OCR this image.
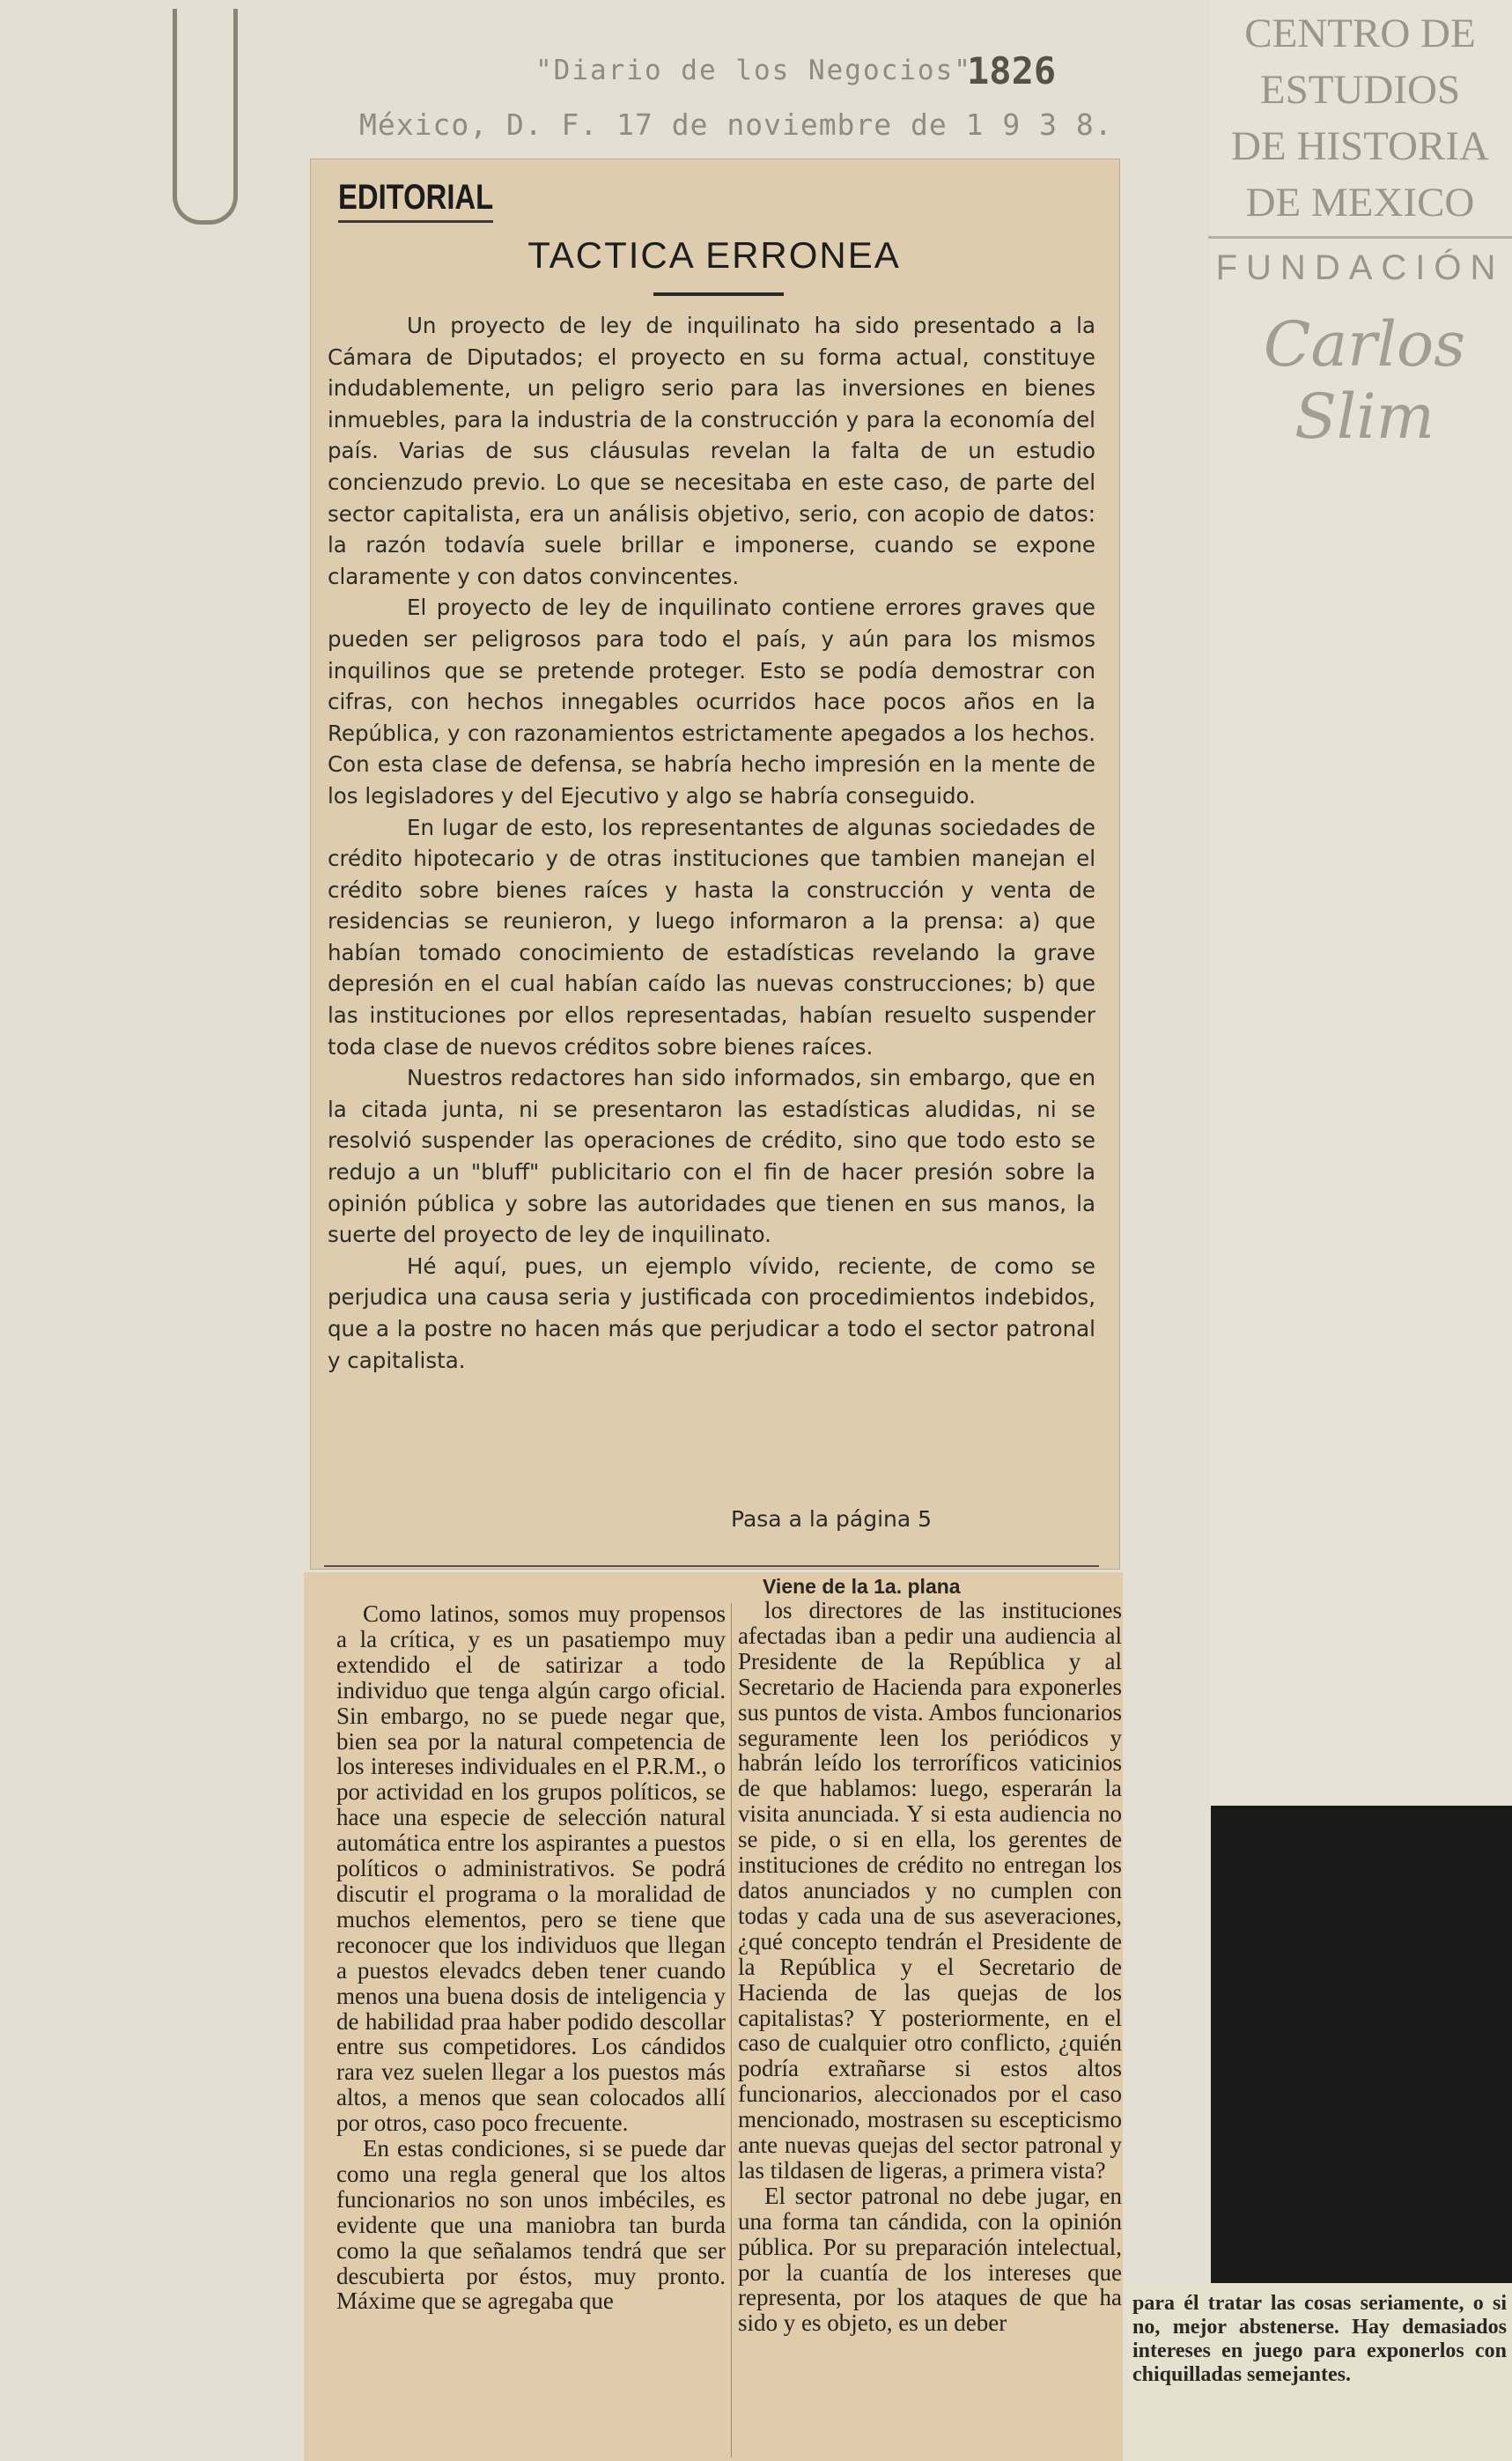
"Diario de los Negocios"
1826
México, D. F. 17 de noviembre de 1 9 3 8.
CENTRO DE
ESTUDIOS
DE HISTORIA
DE MEXICO
FUNDACIÓN
Carlos Slim
EDITORIAL
TACTICA ERRONEA

Un proyecto de ley de inquilinato ha sido presentado a la Cámara de Diputados; el proyecto en su forma actual, constituye indudablemente, un peligro serio para las inversiones en bienes inmuebles, para la industria de la construcción y para la economía del país. Varias de sus cláusulas revelan la falta de un estudio concienzudo previo. Lo que se necesitaba en este caso, de parte del sector capitalista, era un análisis objetivo, serio, con acopio de datos: la razón todavía suele brillar e imponerse, cuando se expone claramente y con datos convincentes.

El proyecto de ley de inquilinato contiene errores graves que pueden ser peligrosos para todo el país, y aún para los mismos inquilinos que se pretende proteger. Esto se podía demostrar con cifras, con hechos innegables ocurridos hace pocos años en la República, y con razonamientos estrictamente apegados a los hechos. Con esta clase de defensa, se habría hecho impresión en la mente de los legisladores y del Ejecutivo y algo se habría conseguido.

En lugar de esto, los representantes de algunas sociedades de crédito hipotecario y de otras instituciones que tambien manejan el crédito sobre bienes raíces y hasta la construcción y venta de residencias se reunieron, y luego informaron a la prensa: a) que habían tomado conocimiento de estadísticas revelando la grave depresión en el cual habían caído las nuevas construcciones; b) que las instituciones por ellos representadas, habían resuelto suspender toda clase de nuevos créditos sobre bienes raíces.

Nuestros redactores han sido informados, sin embargo, que en la citada junta, ni se presentaron las estadísticas aludidas, ni se resolvió suspender las operaciones de crédito, sino que todo esto se redujo a un "bluff" publicitario con el fin de hacer presión sobre la opinión pública y sobre las autoridades que tienen en sus manos, la suerte del proyecto de ley de inquilinato.

Hé aquí, pues, un ejemplo vívido, reciente, de como se perjudica una causa seria y justificada con procedimientos indebidos, que a la postre no hacen más que perjudicar a todo el sector patronal y capitalista.

Pasa a la página 5
Viene de la 1a. plana

Como latinos, somos muy propensos a la crítica, y es un pasatiempo muy extendido el de satirizar a todo individuo que tenga algún cargo oficial. Sin embargo, no se puede negar que, bien sea por la natural competencia de los intereses individuales en el P.R.M., o por actividad en los grupos políticos, se hace una especie de selección natural automática entre los aspirantes a puestos políticos o administrativos. Se podrá discutir el programa o la moralidad de muchos elementos, pero se tiene que reconocer que los individuos que llegan a puestos elevadcs deben tener cuando menos una buena dosis de inteligencia y de habilidad praa haber podido descollar entre sus competidores. Los cándidos rara vez suelen llegar a los puestos más altos, a menos que sean colocados allí por otros, caso poco frecuente.

En estas condiciones, si se puede dar como una regla general que los altos funcionarios no son unos imbéciles, es evidente que una maniobra tan burda como la que señalamos tendrá que ser descubierta por éstos, muy pronto. Máxime que se agregaba que

los directores de las instituciones afectadas iban a pedir una audiencia al Presidente de la República y al Secretario de Hacienda para exponerles sus puntos de vista. Ambos funcionarios seguramente leen los periódicos y habrán leído los terroríficos vaticinios de que hablamos: luego, esperarán la visita anunciada. Y si esta audiencia no se pide, o si en ella, los gerentes de instituciones de crédito no entregan los datos anunciados y no cumplen con todas y cada una de sus aseveraciones, ¿qué concepto tendrán el Presidente de la República y el Secretario de Hacienda de las quejas de los capitalistas? Y posteriormente, en el caso de cualquier otro conflicto, ¿quién podría extrañarse si estos altos funcionarios, aleccionados por el caso mencionado, mostrasen su escepticismo ante nuevas quejas del sector patronal y las tildasen de ligeras, a primera vista?

El sector patronal no debe jugar, en una forma tan cándida, con la opinión pública. Por su preparación intelectual, por la cuantía de los intereses que representa, por los ataques de que ha sido y es objeto, es un deber

para él tratar las cosas seriamente, o si no, mejor abstenerse. Hay demasiados intereses en juego para exponerlos con chiquilladas semejantes.
